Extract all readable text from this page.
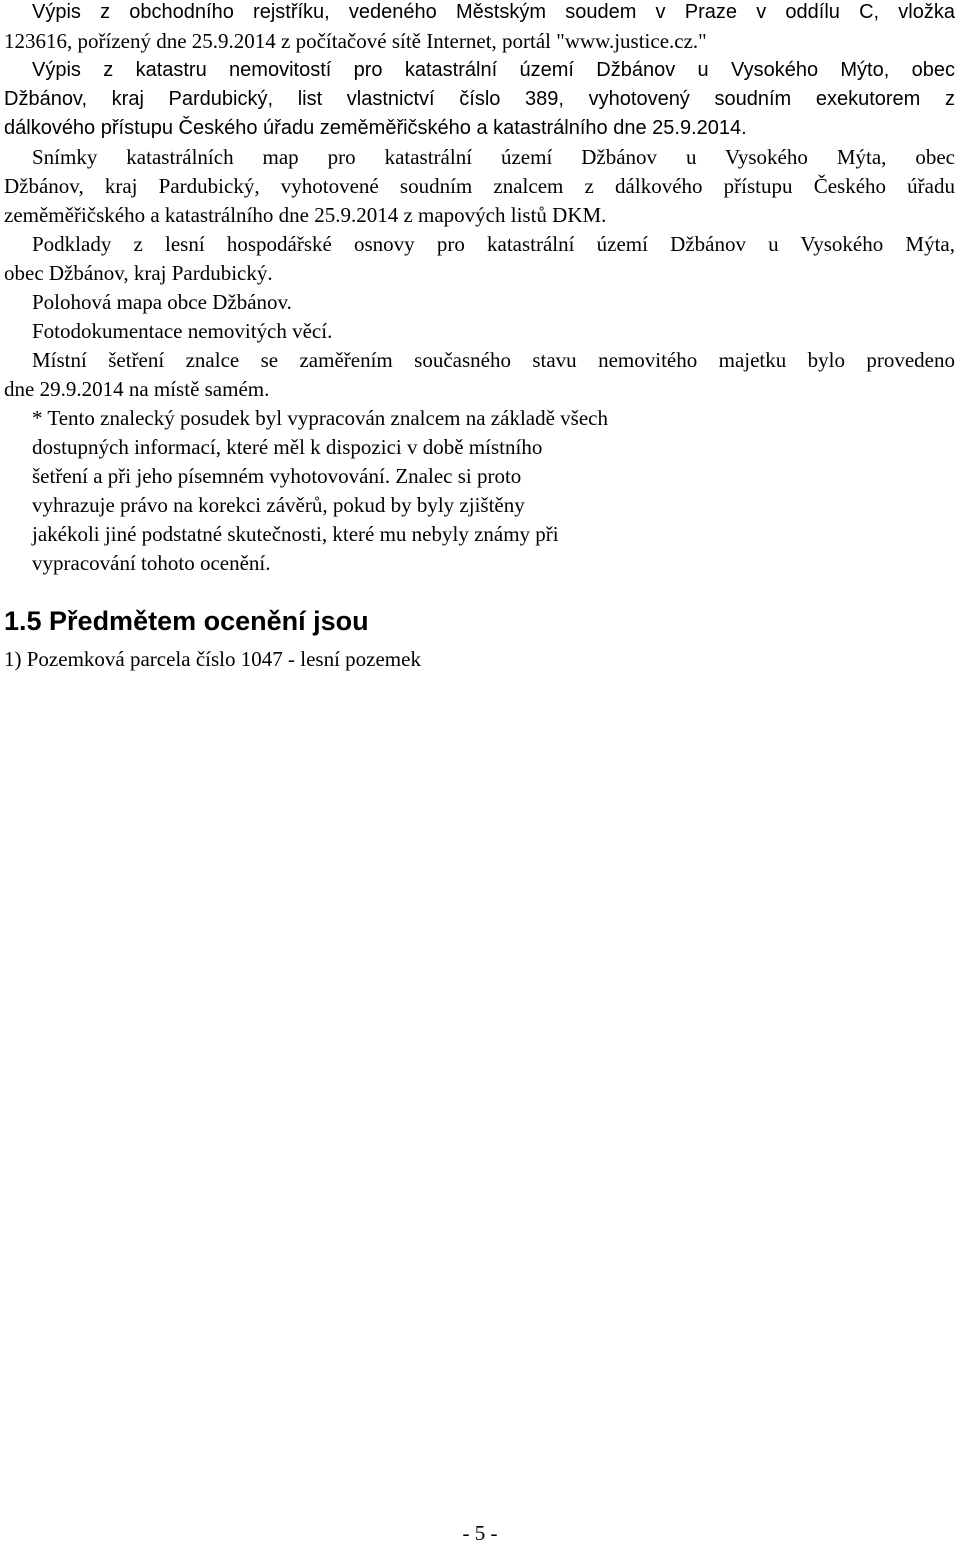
Výpis z obchodního rejstříku, vedeného Městským soudem v Praze v oddílu C, vložka

123616, pořízený dne 25.9.2014 z počítačové sítě Internet, portál "www.justice.cz."

Výpis z katastru nemovitostí pro katastrální území Džbánov u Vysokého Mýto, obec

Džbánov, kraj Pardubický, list vlastnictví číslo 389, vyhotovený soudním exekutorem z

dálkového přístupu Českého úřadu zeměměřičského a katastrálního dne 25.9.2014.

Snímky katastrálních map pro katastrální území Džbánov u Vysokého Mýta, obec

Džbánov, kraj Pardubický, vyhotovené soudním znalcem z dálkového přístupu Českého úřadu

zeměměřičského a katastrálního dne 25.9.2014 z mapových listů DKM.

Podklady z lesní hospodářské osnovy pro katastrální území Džbánov u Vysokého Mýta,

obec Džbánov, kraj Pardubický.

Polohová mapa obce Džbánov.

Fotodokumentace nemovitých věcí.

Místní šetření znalce se zaměřením současného stavu nemovitého majetku bylo provedeno

dne 29.9.2014 na místě samém.

* Tento znalecký posudek byl vypracován znalcem na základě všech

dostupných informací, které měl k dispozici v době místního

šetření a při jeho písemném vyhotovování. Znalec si proto

vyhrazuje právo na korekci závěrů, pokud by byly zjištěny

jakékoli jiné podstatné skutečnosti, které mu nebyly známy při

vypracování tohoto ocenění.

1.5 Předmětem ocenění jsou

1) Pozemková parcela číslo 1047 - lesní pozemek

- 5 -
